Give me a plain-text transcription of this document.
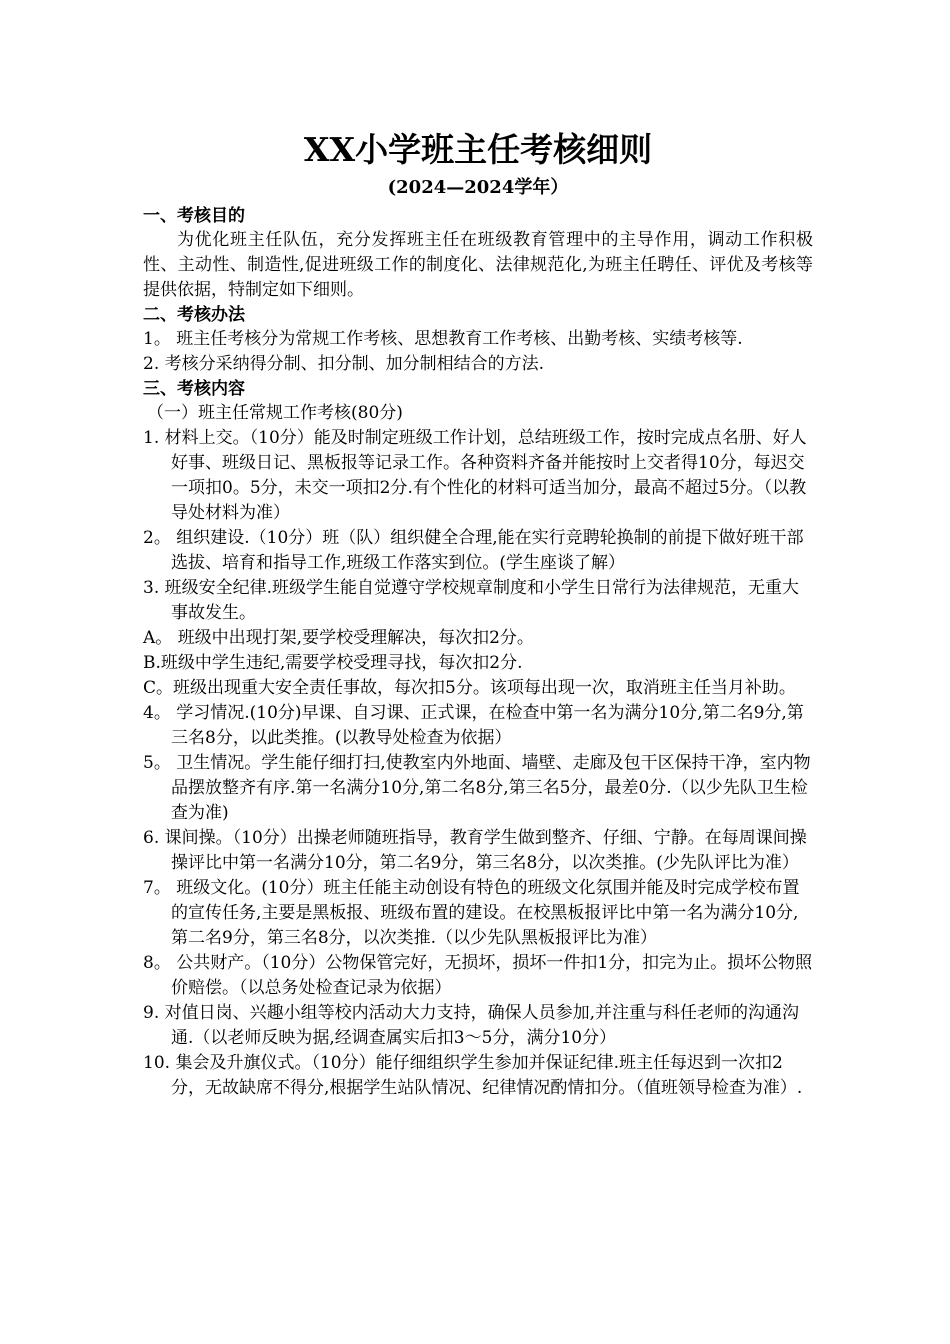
XX小学班主任考核细则
(2024—2024学年）
一、考核目的
为优化班主任队伍，充分发挥班主任在班级教育管理中的主导作用，调动工作积极性、主动性、制造性,促进班级工作的制度化、法律规范化,为班主任聘任、评优及考核等提供依据，特制定如下细则。
二、考核办法
1。 班主任考核分为常规工作考核、思想教育工作考核、出勤考核、实绩考核等.
2. 考核分采纳得分制、扣分制、加分制相结合的方法.
三、考核内容
（一）班主任常规工作考核(80分)
1. 材料上交。（10分）能及时制定班级工作计划，总结班级工作，按时完成点名册、好人好事、班级日记、黑板报等记录工作。各种资料齐备并能按时上交者得10分，每迟交一项扣0。5分，未交一项扣2分.有个性化的材料可适当加分，最高不超过5分。（以教导处材料为准）
2。 组织建设.（10分）班（队）组织健全合理,能在实行竞聘轮换制的前提下做好班干部选拔、培育和指导工作,班级工作落实到位。(学生座谈了解）
3. 班级安全纪律.班级学生能自觉遵守学校规章制度和小学生日常行为法律规范，无重大事故发生。
A。 班级中出现打架,要学校受理解决，每次扣2分。
B.班级中学生违纪,需要学校受理寻找，每次扣2分.
C。班级出现重大安全责任事故，每次扣5分。该项每出现一次，取消班主任当月补助。
4。 学习情况.(10分)早课、自习课、正式课，在检查中第一名为满分10分,第二名9分,第三名8分，以此类推。(以教导处检查为依据）
5。 卫生情况。学生能仔细打扫,使教室内外地面、墙壁、走廊及包干区保持干净，室内物品摆放整齐有序.第一名满分10分,第二名8分,第三名5分，最差0分.（以少先队卫生检查为准)
6. 课间操。（10分）出操老师随班指导，教育学生做到整齐、仔细、宁静。在每周课间操操评比中第一名满分10分，第二名9分，第三名8分，以次类推。(少先队评比为准）
7。 班级文化。(10分）班主任能主动创设有特色的班级文化氛围并能及时完成学校布置的宣传任务,主要是黑板报、班级布置的建设。在校黑板报评比中第一名为满分10分,第二名9分，第三名8分，以次类推.（以少先队黑板报评比为准）
8。 公共财产。（10分）公物保管完好，无损坏，损坏一件扣1分，扣完为止。损坏公物照价赔偿。（以总务处检查记录为依据）
9. 对值日岗、兴趣小组等校内活动大力支持，确保人员参加,并注重与科任老师的沟通沟通.（以老师反映为据,经调查属实后扣3～5分，满分10分）
10. 集会及升旗仪式。（10分）能仔细组织学生参加并保证纪律.班主任每迟到一次扣2分，无故缺席不得分,根据学生站队情况、纪律情况酌情扣分。（值班领导检查为准）.
